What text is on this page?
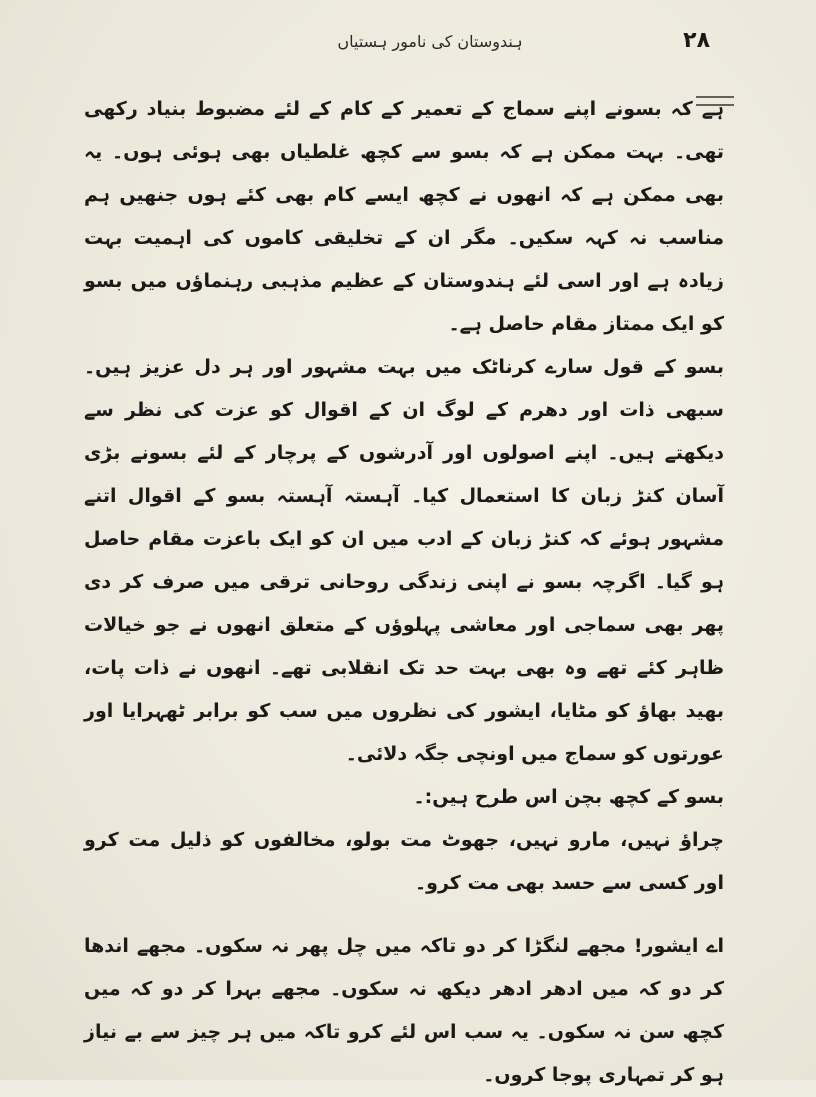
۲۸
ہندوستان کی نامور ہستیاں

ہے کہ بسونے اپنے سماج کے تعمیر کے کام کے لئے مضبوط بنیاد رکھی تھی۔ بہت ممکن ہے کہ بسو سے کچھ غلطیاں بھی ہوئی ہوں۔ یہ بھی ممکن ہے کہ انھوں نے کچھ ایسے کام بھی کئے ہوں جنھیں ہم مناسب نہ کہہ سکیں۔ مگر ان کے تخلیقی کاموں کی اہمیت بہت زیادہ ہے اور اسی لئے ہندوستان کے عظیم مذہبی رہنماؤں میں بسو کو ایک ممتاز مقام حاصل ہے۔

بسو کے قول سارے کرناٹک میں بہت مشہور اور ہر دل عزیز ہیں۔ سبھی ذات اور دھرم کے لوگ ان کے اقوال کو عزت کی نظر سے دیکھتے ہیں۔ اپنے اصولوں اور آدرشوں کے پرچار کے لئے بسونے بڑی آسان کنڑ زبان کا استعمال کیا۔ آہستہ آہستہ بسو کے اقوال اتنے مشہور ہوئے کہ کنڑ زبان کے ادب میں ان کو ایک باعزت مقام حاصل ہو گیا۔ اگرچہ بسو نے اپنی زندگی روحانی ترقی میں صرف کر دی پھر بھی سماجی اور معاشی پہلوؤں کے متعلق انھوں نے جو خیالات ظاہر کئے تھے وہ بھی بہت حد تک انقلابی تھے۔ انھوں نے ذات پات، بھید بھاؤ کو مٹایا، ایشور کی نظروں میں سب کو برابر ٹھہرایا اور عورتوں کو سماج میں اونچی جگہ دلائی۔

بسو کے کچھ بچن اس طرح ہیں:۔

چراؤ نہیں، مارو نہیں، جھوٹ مت بولو، مخالفوں کو ذلیل مت کرو اور کسی سے حسد بھی مت کرو۔

اے ایشور! مجھے لنگڑا کر دو تاکہ میں چل پھر نہ سکوں۔ مجھے اندھا کر دو کہ میں ادھر ادھر دیکھ نہ سکوں۔ مجھے بہرا کر دو کہ میں کچھ سن نہ سکوں۔ یہ سب اس لئے کرو تاکہ میں ہر چیز سے بے نیاز ہو کر تمہاری پوجا کروں۔
